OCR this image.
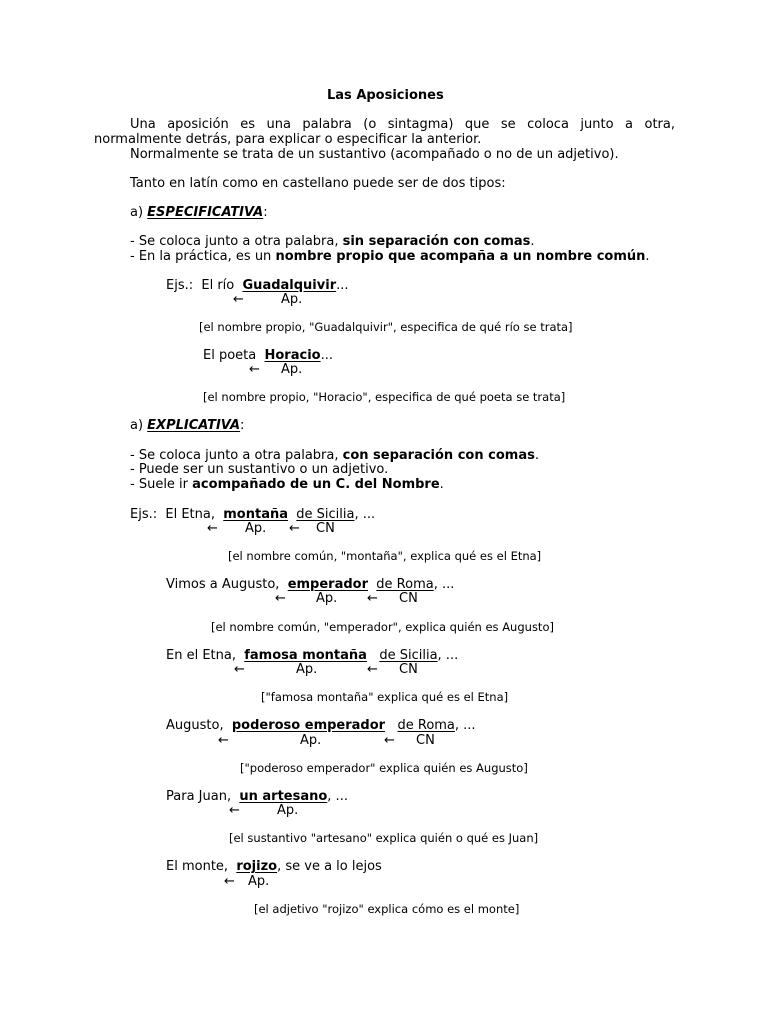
Las Aposiciones
Una aposición es una palabra (o sintagma) que se coloca junto a otra,
normalmente detrás, para explicar o especificar la anterior.
Normalmente se trata de un sustantivo (acompañado o no de un adjetivo).
Tanto en latín como en castellano puede ser de dos tipos:
a) ESPECIFICATIVA:
- Se coloca junto a otra palabra, sin separación con comas.
- En la práctica, es un nombre propio que acompaña a un nombre común.
Ejs.:  El río  Guadalquivir...
←	Ap.
[el nombre propio, "Guadalquivir", especifica de qué río se trata]
El poeta  Horacio...
← Ap.
[el nombre propio, "Horacio", especifica de qué poeta se trata]
a) EXPLICATIVA:
- Se coloca junto a otra palabra, con separación con comas.
- Puede ser un sustantivo o un adjetivo.
- Suele ir acompañado de un C. del Nombre.
Ejs.:  El Etna,  montaña de Sicilia, ...
← Ap. ← CN
[el nombre común, "montaña", explica qué es el Etna]
Vimos a Augusto,  emperador de Roma, ...
← Ap. ← CN
[el nombre común, "emperador", explica quién es Augusto]
En el Etna,  famosa montaña de Sicilia, ...
←	Ap.	← CN
["famosa montaña" explica qué es el Etna]
Augusto,  poderoso emperador de Roma, ...
←	Ap.	← CN
["poderoso emperador" explica quién es Augusto]
Para Juan,  un artesano, ...
←	Ap.
[el sustantivo "artesano" explica quién o qué es Juan]
El monte,  rojizo, se ve a lo lejos
← Ap.
[el adjetivo "rojizo" explica cómo es el monte]
